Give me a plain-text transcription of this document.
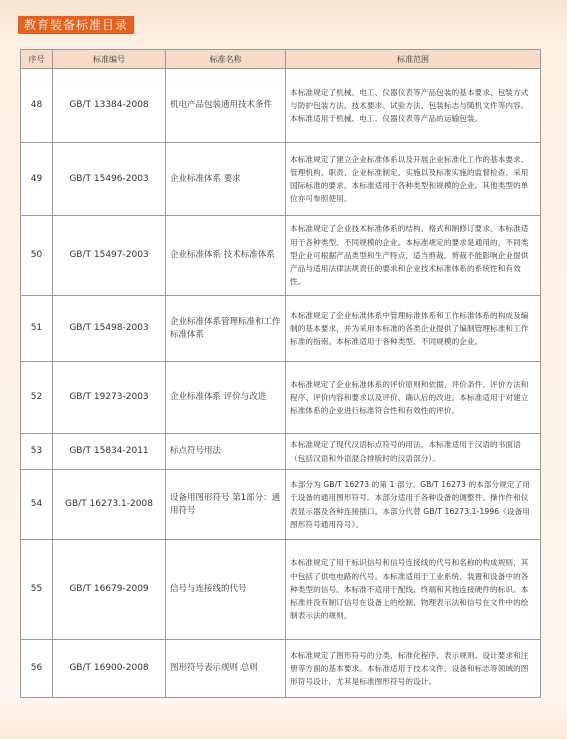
教育装备标准目录
序号	标准编号	标准名称	标准范围
48	GB/T 13384-2008	机电产品包装通用技术条件	本标准规定了机械、电工、仪器仪表等产品包装的基本要求、包装方式与防护包装方法、技术要求、试验方法、包装标志与随机文件等内容。本标准适用于机械、电工、仪器仪表等产品的运输包装。
49	GB/T 15496-2003	企业标准体系 要求	本标准规定了建立企业标准体系以及开展企业标准化工作的基本要求、管理机构、职责、企业标准制定、实施以及标准实施的监督检查、采用国际标准的要求。本标准适用于各种类型和规模的企业。其他类型的单位亦可参照使用。
50	GB/T 15497-2003	企业标准体系 技术标准体系	本标准规定了企业技术标准体系的结构、格式和制修订要求。本标准适用于各种类型、不同规模的企业。本标准规定的要求是通用的，不同类型企业可根据产品类型和生产特点，适当剪裁。剪裁不能影响企业提供产品与适用法律法规责任的要求和企业技术标准体系的系统性和有效性。
51	GB/T 15498-2003	企业标准体系管理标准和工作标准体系	本标准规定了企业标准体系中管理标准体系和工作标准体系的构成及编制的基本要求，并为采用本标准的各类企业提供了编制管理标准和工作标准的指南。本标准适用于各种类型、不同规模的企业。
52	GB/T 19273-2003	企业标准体系 评价与改进	本标准规定了企业标准体系的评价原则和依据、评价条件、评价方法和程序、评价内容和要求以及评价、确认后的改进。本标准适用于对建立标准体系的企业进行标准符合性和有效性的评价。
53	GB/T 15834-2011	标点符号用法	本标准规定了现代汉语标点符号的用法。本标准适用于汉语的书面语（包括汉语和外语混合排版时的汉语部分）。
54	GB/T 16273.1-2008	设备用图形符号 第1部分：通用符号	本部分为 GB/T 16273 的第 1 部分。GB/T 16273 的本部分规定了用于设备的通用图形符号。本部分适用于各种设备的调整件、操作件和仪表显示器及各种连接插口。本部分代替 GB/T 16273.1-1996《设备用图形符号通用符号》。
55	GB/T 16679-2009	信号与连接线的代号	本标准规定了用于标识信号和信号连接线的代号和名称的构成规则，其中包括了供电电路的代号。本标准适用于工业系统、装置和设备中的各种类型的信号。本标准不适用于配线、终端和其他连接硬件的标识。本标准并没有制订信号在设备上的绘制、物理表示法和信号在文件中的绘制表示法的规则。
56	GB/T 16900-2008	图形符号表示规则 总则	本标准规定了图形符号的分类、标准化程序、表示规则、设计要求和注册等方面的基本要求。本标准适用于技术文件、设备和标志等领域的图形符号设计，尤其是标准图形符号的设计。
